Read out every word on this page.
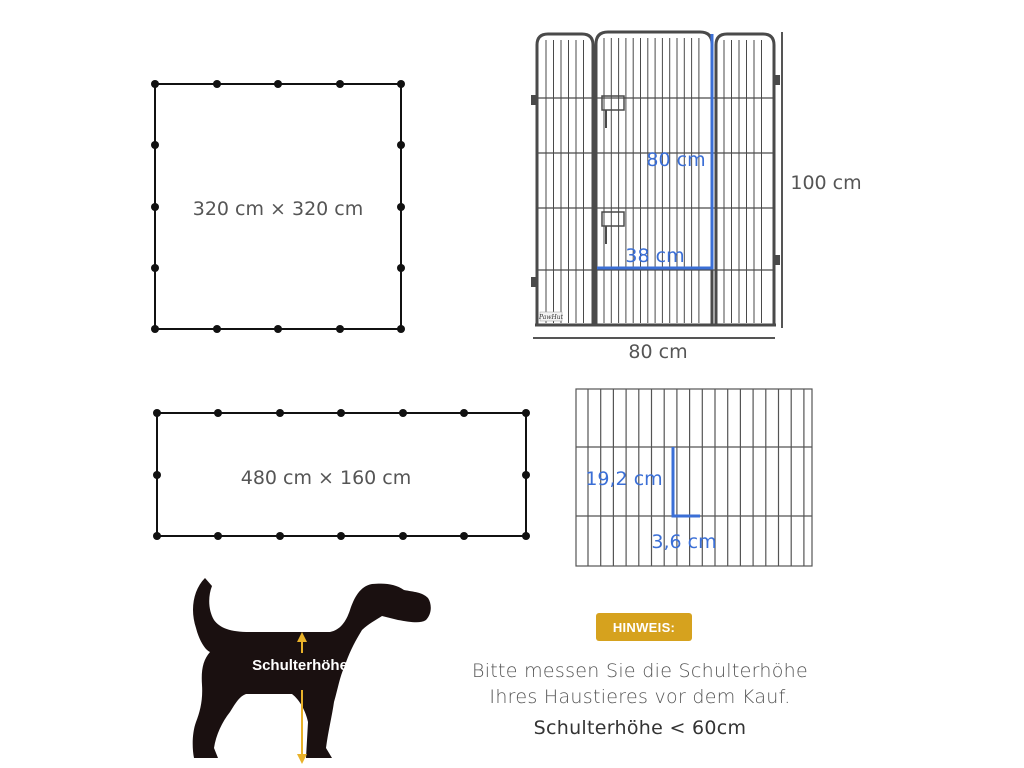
320 cm × 320 cm
480 cm × 160 cm
PawHut
80 cm
38 cm
100 cm
80 cm
19,2 cm
3,6 cm
Schulterhöhe
HINWEIS:
Bitte messen Sie die Schulterhöhe
Ihres Haustieres vor dem Kauf.
Schulterhöhe < 60cm
